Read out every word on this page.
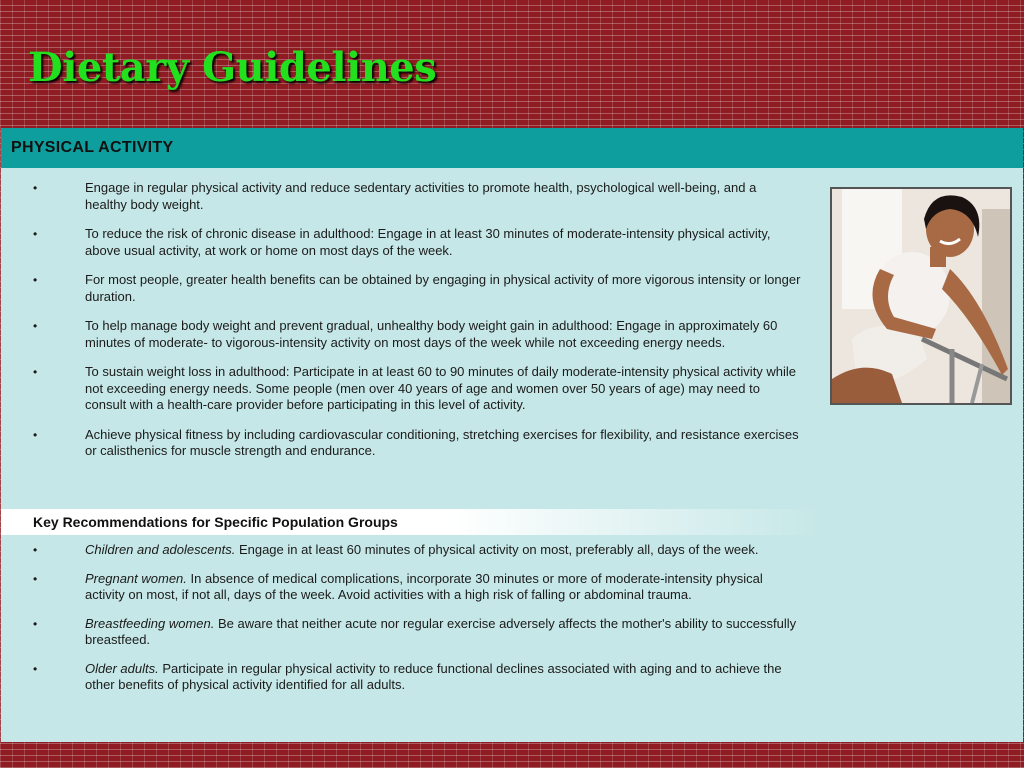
Dietary Guidelines
PHYSICAL ACTIVITY
•
Engage in regular physical activity and reduce sedentary activities to promote health, psychological well-being, and a healthy body weight.
•
To reduce the risk of chronic disease in adulthood: Engage in at least 30 minutes of moderate-intensity physical activity, above usual activity, at work or home on most days of the week.
•
For most people, greater health benefits can be obtained by engaging in physical activity of more vigorous intensity or longer duration.
•
To help manage body weight and prevent gradual, unhealthy body weight gain in adulthood: Engage in approximately 60 minutes of moderate- to vigorous-intensity activity on most days of the week while not exceeding energy needs.
•
To sustain weight loss in adulthood: Participate in at least 60 to 90 minutes of daily moderate-intensity physical activity while not exceeding energy needs. Some people (men over 40 years of age and women over 50 years of age) may need to consult with a health-care provider before participating in this level of activity.
•
Achieve physical fitness by including cardiovascular conditioning, stretching exercises for flexibility, and resistance exercises or calisthenics for muscle strength and endurance.
Key Recommendations for Specific Population Groups
•
Children and adolescents. Engage in at least 60 minutes of physical activity on most, preferably all, days of the week.
•
Pregnant women. In absence of medical complications, incorporate 30 minutes or more of moderate-intensity physical activity on most, if not all, days of the week. Avoid activities with a high risk of falling or abdominal trauma.
•
Breastfeeding women. Be aware that neither acute nor regular exercise adversely affects the mother's ability to successfully breastfeed.
•
Older adults. Participate in regular physical activity to reduce functional declines associated with aging and to achieve the other benefits of physical activity identified for all adults.
